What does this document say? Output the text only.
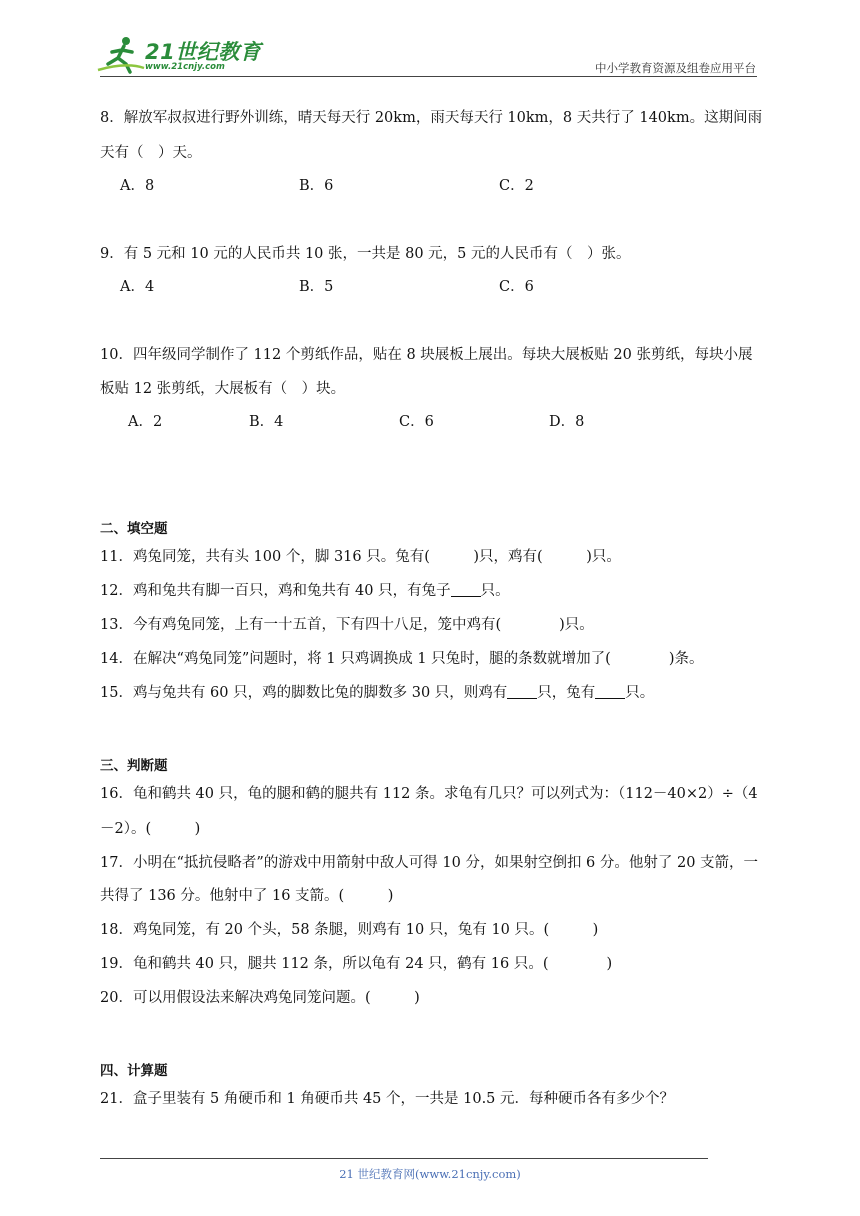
21世纪教育
www.21cnjy.com	中小学教育资源及组卷应用平台
8．解放军叔叔进行野外训练，晴天每天行 20km，雨天每天行 10km，8 天共行了 140km。这期间雨
天有（　）天。
A．8	B．6	C．2
9．有 5 元和 10 元的人民币共 10 张，一共是 80 元，5 元的人民币有（　）张。
A．4	B．5	C．6
10．四年级同学制作了 112 个剪纸作品，贴在 8 块展板上展出。每块大展板贴 20 张剪纸，每块小展
板贴 12 张剪纸，大展板有（　）块。
A．2	B．4	C．6	D．8
二、填空题
11．鸡兔同笼，共有头 100 个，脚 316 只。兔有(　　　)只，鸡有(　　　)只。
12．鸡和兔共有脚一百只，鸡和兔共有 40 只，有兔子 只。
13．今有鸡兔同笼，上有一十五首，下有四十八足，笼中鸡有(　　　　)只。
14．在解决“鸡兔同笼”问题时，将 1 只鸡调换成 1 只兔时，腿的条数就增加了(　　　　)条。
15．鸡与兔共有 60 只，鸡的脚数比兔的脚数多 30 只，则鸡有 只，兔有 只。
三、判断题
16．龟和鹤共 40 只，龟的腿和鹤的腿共有 112 条。求龟有几只？可以列式为：（112－40×2）÷（4
－2）。(　　　)
17．小明在“抵抗侵略者”的游戏中用箭射中敌人可得 10 分，如果射空倒扣 6 分。他射了 20 支箭，一
共得了 136 分。他射中了 16 支箭。(　　　)
18．鸡兔同笼，有 20 个头，58 条腿，则鸡有 10 只，兔有 10 只。(　　　)
19．龟和鹤共 40 只，腿共 112 条，所以龟有 24 只，鹤有 16 只。(　　　　)
20．可以用假设法来解决鸡兔同笼问题。(　　　)
四、计算题
21．盒子里装有 5 角硬币和 1 角硬币共 45 个，一共是 10.5 元．每种硬币各有多少个？
21 世纪教育网(www.21cnjy.com)
